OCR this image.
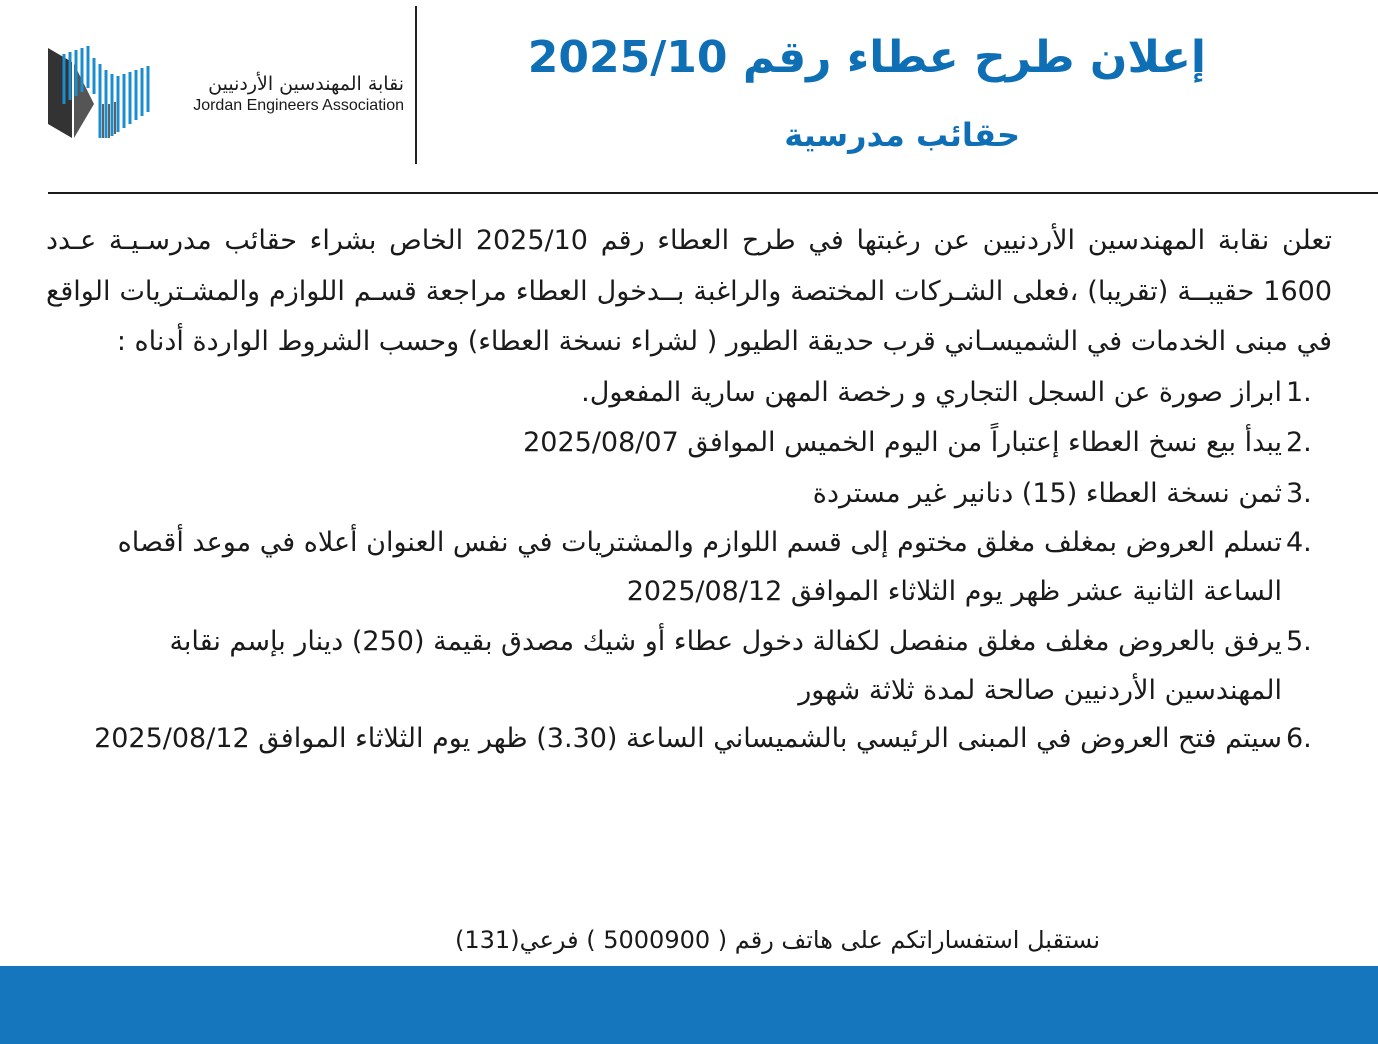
نقابة المهندسين الأردنيين
Jordan Engineers Association
إعلان طرح عطاء رقم 2025/10
حقائب مدرسية

تعلن نقابة المهندسين الأردنيين عن رغبتها في طرح العطاء رقم 2025/10 الخاص بشراء حقائب مدرسـيـة عـدد 1600 حقيبــة (تقريبا) ،فعلى الشـركات المختصة والراغبة بــدخول العطاء مراجعة قسـم اللوازم والمشـتريات الواقع في مبنى الخدمات في الشميسـاني قرب حديقة الطيور ( لشراء نسخة العطاء) وحسب الشروط الواردة أدناه :

1.
ابراز صورة عن السجل التجاري و رخصة المهن سارية المفعول.
2.
يبدأ بيع نسخ العطاء إعتباراً من اليوم الخميس الموافق 2025/08/07
3.
ثمن نسخة العطاء (15) دنانير غير مستردة
4.
تسلم العروض بمغلف مغلق مختوم إلى قسم اللوازم والمشتريات في نفس العنوان أعلاه في موعد أقصاه الساعة الثانية عشر ظهر يوم الثلاثاء الموافق 2025/08/12
5.
يرفق بالعروض مغلف مغلق منفصل لكفالة دخول عطاء أو شيك مصدق بقيمة (250) دينار بإسم نقابة المهندسين الأردنيين صالحة لمدة ثلاثة شهور
6.
سيتم فتح العروض في المبنى الرئيسي بالشميساني الساعة (3.30) ظهر يوم الثلاثاء الموافق 2025/08/12
نستقبل استفساراتكم على هاتف رقم ( 5000900 ) فرعي(131)
